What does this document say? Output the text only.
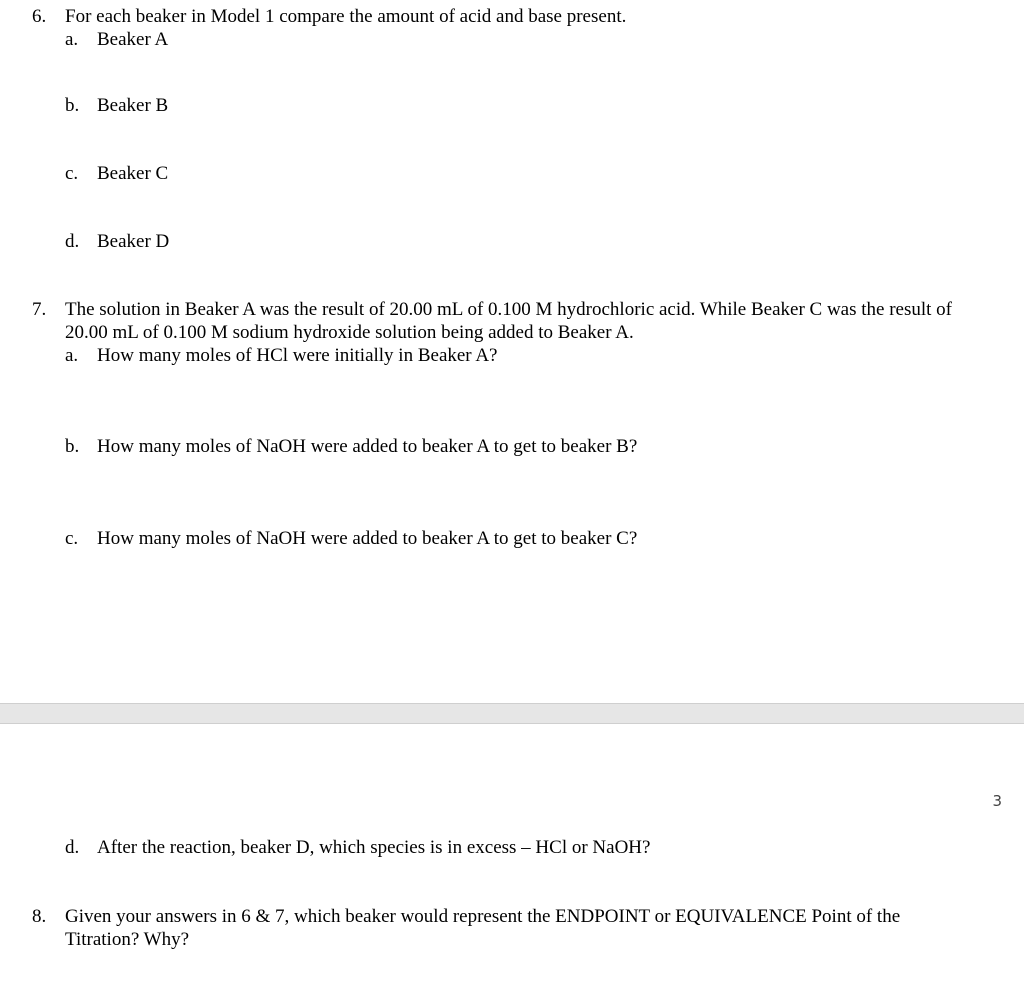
6. For each beaker in Model 1 compare the amount of acid and base present.
a. Beaker A
b. Beaker B
c. Beaker C
d. Beaker D
7. The solution in Beaker A was the result of 20.00 mL of 0.100 M hydrochloric acid. While Beaker C was the result of
20.00 mL of 0.100 M sodium hydroxide solution being added to Beaker A.
a. How many moles of HCl were initially in Beaker A?
b. How many moles of NaOH were added to beaker A to get to beaker B?
c. How many moles of NaOH were added to beaker A to get to beaker C?
3
d. After the reaction, beaker D, which species is in excess – HCl or NaOH?
8. Given your answers in 6 & 7, which beaker would represent the ENDPOINT or EQUIVALENCE Point of the
Titration? Why?
